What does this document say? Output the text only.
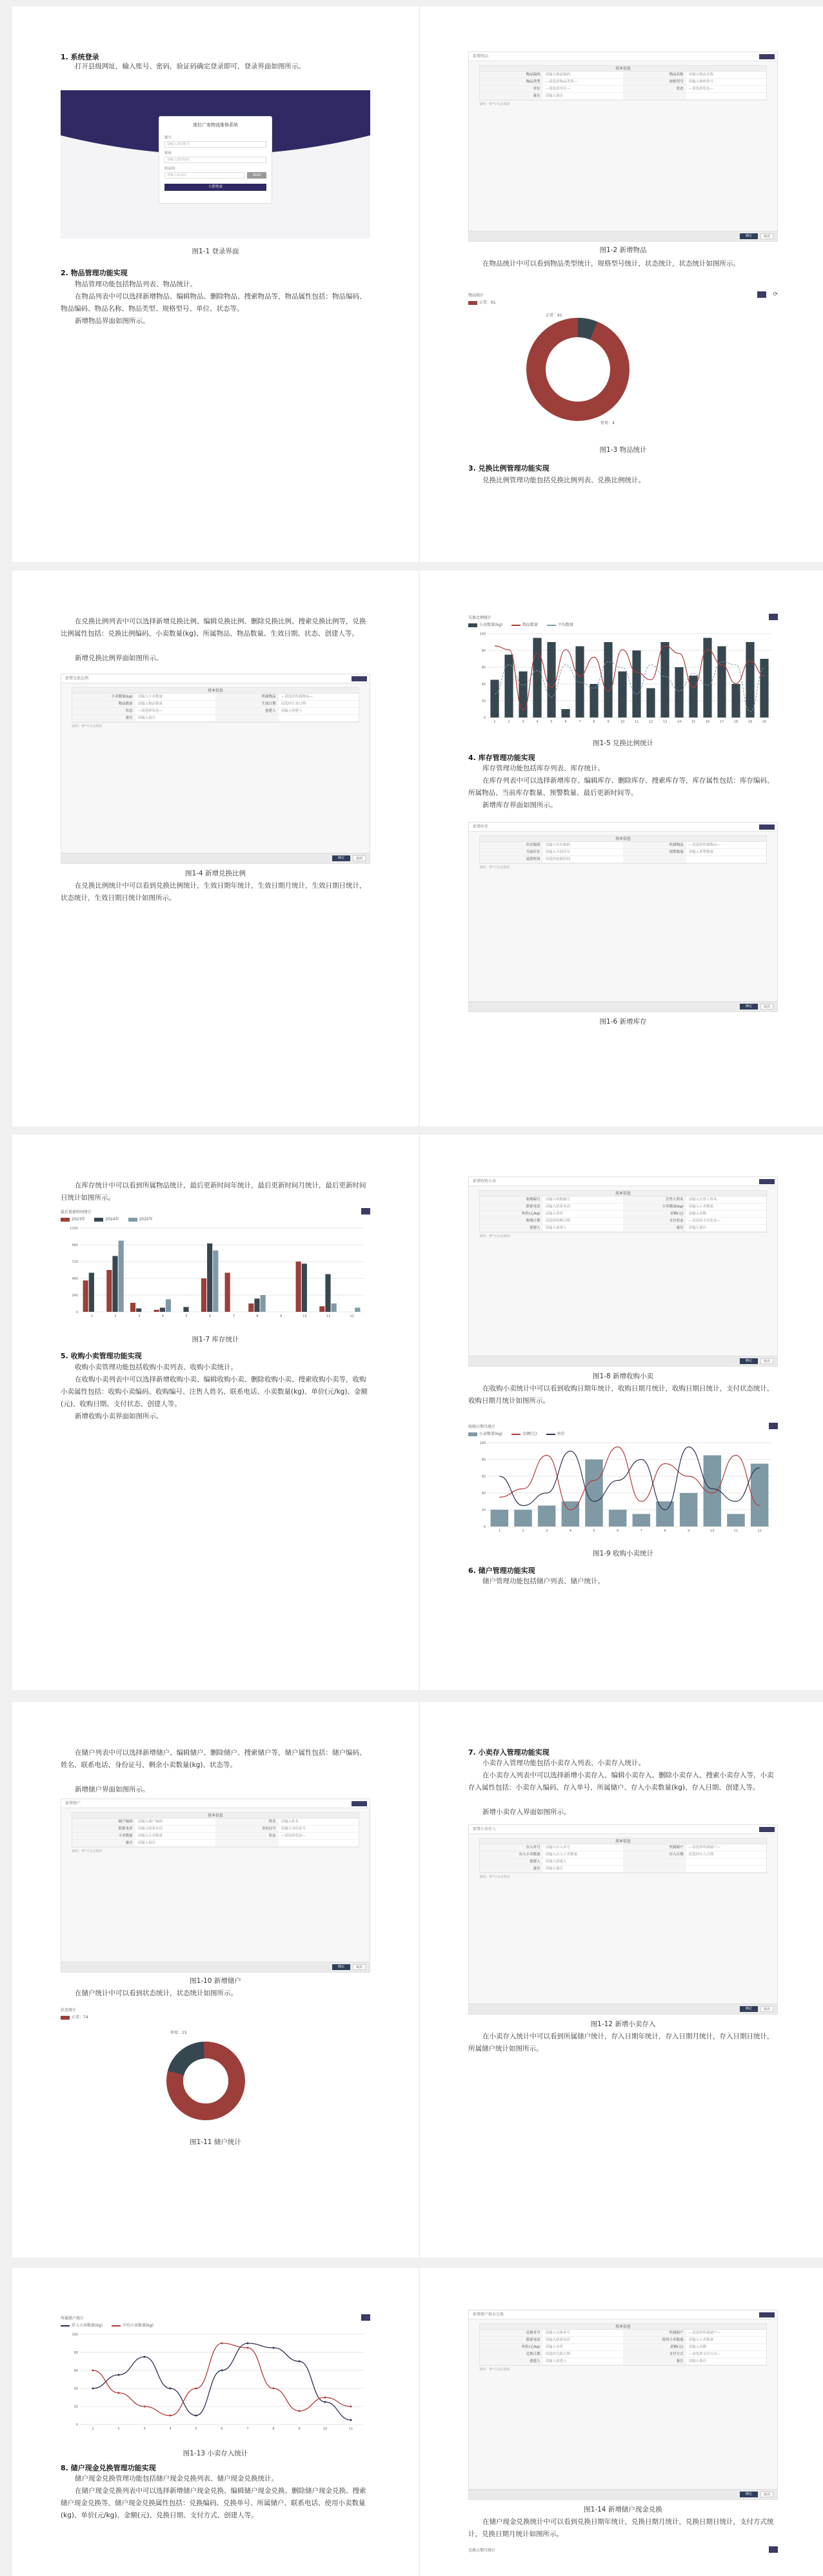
1. 系统登录
打开县级网址，输入账号、密码，验证码确定登录即可，登录界面如图所示。
庞拉广客物流维修系统
账号
请输入您的账号
密码
请输入您的密码
验证码
请输入验证码	3kAX
立即登录
图1-1 登录界面
2. 物品管理功能实现
物品管理功能包括物品列表、物品统计。
在物品列表中可以选择新增物品、编辑物品、删除物品、搜索物品等，物品属性包括：物品编码、物品编码、物品名称、物品类型、规格型号、单位、状态等。
新增物品界面如图所示。
新增物品
基本信息
物品编码	请输入物品编码	物品名称	请输入物品名称
物品类型	—请选择物品类型—	规格型号	请输入规格型号
单位	—请选择单位—	状态	—请选择状态—
备注	请输入备注
说明：带*号为必填项
确定	取消
图1-2 新增物品
在物品统计中可以看到物品类型统计，规格型号统计，状态统计，状态统计如图所示。
物品统计	⟳
正常：61
正常：61
停用：4
图1-3 物品统计
3. 兑换比例管理功能实现
兑换比例管理功能包括兑换比例列表、兑换比例统计。
在兑换比例列表中可以选择新增兑换比例、编辑兑换比例、删除兑换比例、搜索兑换比例等，兑换比例属性包括：兑换比例编码、小卖数量(kg)、所属物品、物品数量、生效日期、状态、创建人等。
新增兑换比例界面如图所示。
新增兑换比例
基本信息
小卖数量(kg)	请输入小卖数量	所属物品	—请选择所属物品—
物品数量	请输入物品数量	生效日期	请选择生效日期
状态	—请选择状态—	创建人	请输入创建人
备注	请输入备注
说明：带*号为必填项
确定	取消
图1-4 新增兑换比例
在兑换比例统计中可以看到兑换比例统计，生效日期年统计，生效日期月统计，生效日期日统计，状态统计，生效日期日统计如图所示。
兑换比例统计
小卖数量(kg)	物品数量	平均数量
0
20
40
60
80
100
1	2	3	4	5	6	7	8	9	10	11	12	13	14	15	16	17	18	19	20
图1-5 兑换比例统计
4. 库存管理功能实现
库存管理功能包括库存列表、库存统计。
在库存列表中可以选择新增库存、编辑库存、删除库存、搜索库存等，库存属性包括：库存编码、所属物品、当前库存数量、预警数量、最后更新时间等。
新增库存界面如图所示。
新增库存
基本信息
库存编码	请输入库存编码	所属物品	—请选择所属物品—
当前库存	请输入当前库存	预警数量	请输入预警数量
更新时间	请选择更新时间
说明：带*号为必填项
确定	取消
图1-6 新增库存
在库存统计中可以看到所属物品统计，最后更新时间年统计，最后更新时间月统计，最后更新时间日统计如图所示。
最后更新时间统计
2023年	2024年	2025年
0
240
480
720
960
1200
1	2	3	4	5	6	7	8	9	10	11	12
图1-7 库存统计
5. 收购小卖管理功能实现
收购小卖管理功能包括收购小卖列表、收购小卖统计。
在收购小卖列表中可以选择新增收购小卖、编辑收购小卖、删除收购小卖、搜索收购小卖等，收购小卖属性包括：收购小卖编码、收购编号、注售人姓名、联系电话、小卖数量(kg)、单价(元/kg)、金额(元)、收购日期、支付状态、创建人等。
新增收购小卖界面如图所示。
新增收购小卖
基本信息
收购编号	请输入收购编号	注售人姓名	请输入注售人姓名
联系电话	请输入联系电话	小卖数量(kg)	请输入小卖数量
单价(元/kg)	请输入单价	金额(元)	请输入金额
收购日期	请选择收购日期	支付状态	—请选择支付状态—
创建人	请输入创建人	备注	请输入备注
说明：带*号为必填项
确定	取消
图1-8 新增收购小卖
在收购小卖统计中可以看到收购日期年统计，收购日期月统计，收购日期日统计，支付状态统计，收购日期月统计如图所示。
收购日期月统计
小卖数量(kg)	金额(元)	单价
0
20
40
60
80
100
1	2	3	4	5	6	7	8	9	10	11	12
图1-9 收购小卖统计
6. 储户管理功能实现
储户管理功能包括储户列表、储户统计。
在储户列表中可以选择新增储户、编辑储户、删除储户、搜索储户等，储户属性包括：储户编码、姓名、联系电话、身份证号、剩余小卖数量(kg)、状态等。
新增储户界面如图所示。
新增储户
基本信息
储户编码	请输入储户编码	姓名	请输入姓名
联系电话	请输入联系电话	身份证号	请输入身份证号
小卖数量	请输入小卖数量	状态	—请选择状态—
备注	请输入备注
说明：带*号为必填项
确定	取消
图1-10 新增储户
在储户统计中可以看到状态统计，状态统计如图所示。
状态统计
正常：74
停用：15
图1-11 储户统计
7. 小卖存入管理功能实现
小卖存入管理功能包括小卖存入列表、小卖存入统计。
在小卖存入列表中可以选择新增小卖存入、编辑小卖存入、删除小卖存入、搜索小卖存入等，小卖存入属性包括：小卖存入编码、存入单号、所属储户、存入小卖数量(kg)、存入日期、创建人等。
新增小卖存入界面如图所示。
新增小卖存入
基本信息
存入单号	请输入存入单号	所属储户	—请选择所属储户—
存入小卖数量	请输入存入小卖数量	存入日期	请选择存入日期
创建人	请输入创建人
备注	请输入备注
说明：带*号为必填项
确定	取消
图1-12 新增小卖存入
在小卖存入统计中可以看到所属储户统计，存入日期年统计，存入日期月统计，存入日期日统计，所属储户统计如图所示。
所属储户统计
存入小卖数量(kg)	平均小卖数量(kg)
0
20
40
60
80
100
1	2	3	4	5	6	7	8	9	10	11
图1-13 小卖存入统计
8. 储户现金兑换管理功能实现
储户现金兑换管理功能包括储户现金兑换列表、储户现金兑换统计。
在储户现金兑换列表中可以选择新增储户现金兑换、编辑储户现金兑换、删除储户现金兑换、搜索储户现金兑换等，储户现金兑换属性包括：兑换编码、兑换单号、所属储户、联系电话、使用小卖数量(kg)、单价(元/kg)、金额(元)、兑换日期、支付方式、创建人等。
新增储户现金兑换
基本信息
兑换单号	请输入兑换单号	所属储户	—请选择所属储户—
联系电话	请输入联系电话	使用小卖数量	请输入小卖数量
单价(元/kg)	请输入单价	金额(元)	请输入金额
兑换日期	请选择兑换日期	支付方式	—请选择支付方式—
创建人	请输入创建人	备注	请输入备注
说明：带*号为必填项
确定	取消
图1-14 新增储户现金兑换
在储户现金兑换统计中可以看到兑换日期年统计，兑换日期月统计，兑换日期日统计，支付方式统计，兑换日期月统计如图所示。
兑换日期月统计
